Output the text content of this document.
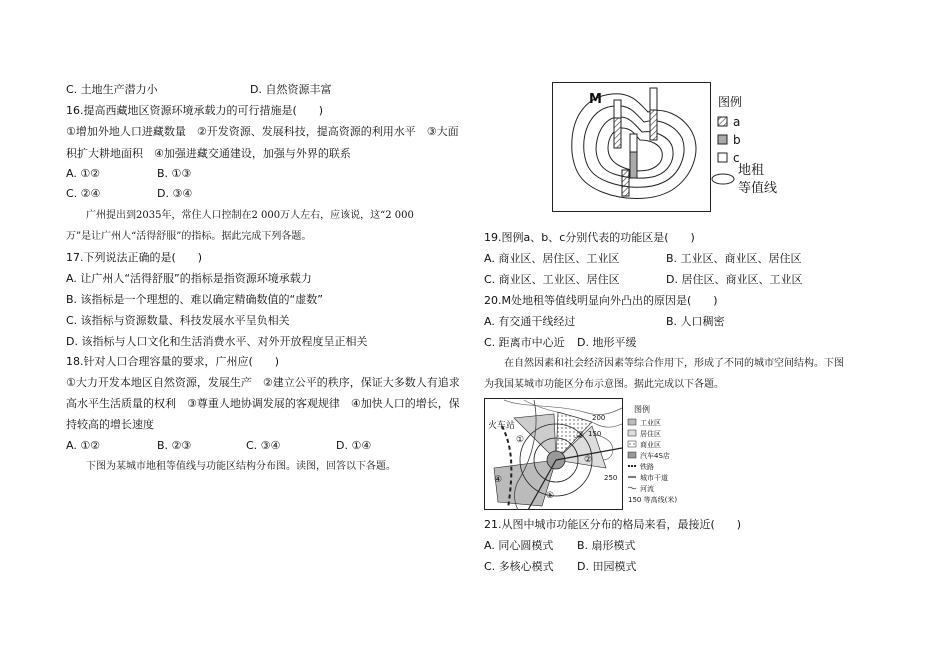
C. 土地生产潜力小	D. 自然资源丰富
16.提高西藏地区资源环境承载力的可行措施是(　　)
①增加外地人口进藏数量　②开发资源、发展科技，提高资源的利用水平　③大面
积扩大耕地面积　④加强进藏交通建设，加强与外界的联系
A. ①②	B. ①③
C. ②④	D. ③④
广州提出到2035年，常住人口控制在2 000万人左右，应该说，这“2 000
万”是让广州人“活得舒服”的指标。据此完成下列各题。
17.下列说法正确的是(　　)
A. 让广州人“活得舒服”的指标是指资源环境承载力
B. 该指标是一个理想的、难以确定精确数值的“虚数”
C. 该指标与资源数量、科技发展水平呈负相关
D. 该指标与人口文化和生活消费水平、对外开放程度呈正相关
18.针对人口合理容量的要求，广州应(　　)
①大力开发本地区自然资源，发展生产　②建立公平的秩序，保证大多数人有追求
高水平生活质量的权利　③尊重人地协调发展的客观规律　④加快人口的增长，保
持较高的增长速度
A. ①②	B. ②③	C. ③④	D. ①④
下图为某城市地租等值线与功能区结构分布图。读图，回答以下各题。
M	图例
a
b
c
地租
等值线
19.图例a、b、c分别代表的功能区是(　　)
A. 商业区、居住区、工业区	B. 工业区、商业区、居住区
C. 商业区、工业区、居住区	D. 居住区、商业区、工业区
20.M处地租等值线明显向外凸出的原因是(　　)
A. 有交通干线经过	B. 人口稠密
C. 距离市中心近 D. 地形平缓
在自然因素和社会经济因素等综合作用下，形成了不同的城市空间结构。下图
为我国某城市功能区分布示意图。据此完成以下各题。
火车站
200
150
250
①	③
②
④
⑤
图例
工业区
居住区
商业区
汽车4S店
铁路
城市干道
河流
150 等高线(米)
21.从图中城市功能区分布的格局来看，最接近(　　)
A. 同心圆模式 B. 扇形模式
C. 多核心模式 D. 田园模式
